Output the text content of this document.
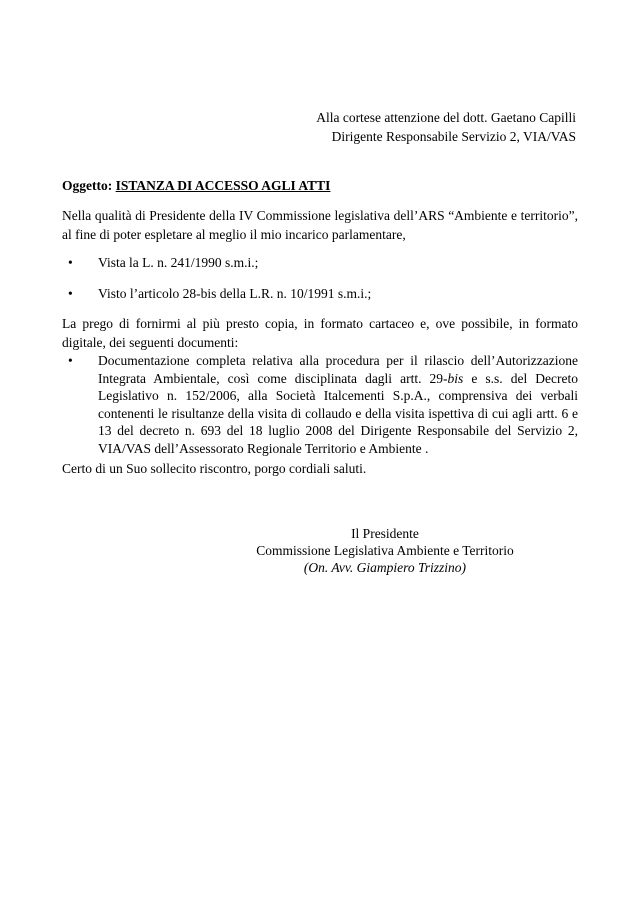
Alla cortese attenzione del dott. Gaetano Capilli
Dirigente Responsabile Servizio 2, VIA/VAS
Oggetto: ISTANZA DI ACCESSO AGLI ATTI
Nella qualità di Presidente della IV Commissione legislativa dell’ARS “Ambiente e territorio”, al fine di poter espletare al meglio il mio incarico parlamentare,
• Vista la L. n. 241/1990 s.m.i.;
• Visto l’articolo 28-bis della L.R. n. 10/1991 s.m.i.;
La prego di fornirmi al più presto copia, in formato cartaceo e, ove possibile, in formato digitale, dei seguenti documenti:
• Documentazione completa relativa alla procedura per il rilascio dell’Autorizzazione Integrata Ambientale, così come disciplinata dagli artt. 29-bis e s.s. del Decreto Legislativo n. 152/2006, alla Società Italcementi S.p.A., comprensiva dei verbali contenenti le risultanze della visita di collaudo e della visita ispettiva di cui agli artt. 6 e 13 del decreto n. 693 del 18 luglio 2008 del Dirigente Responsabile del Servizio 2, VIA/VAS dell’Assessorato Regionale Territorio e Ambiente .
Certo di un Suo sollecito riscontro, porgo cordiali saluti.
Il Presidente
Commissione Legislativa Ambiente e Territorio
(On. Avv. Giampiero Trizzino)
